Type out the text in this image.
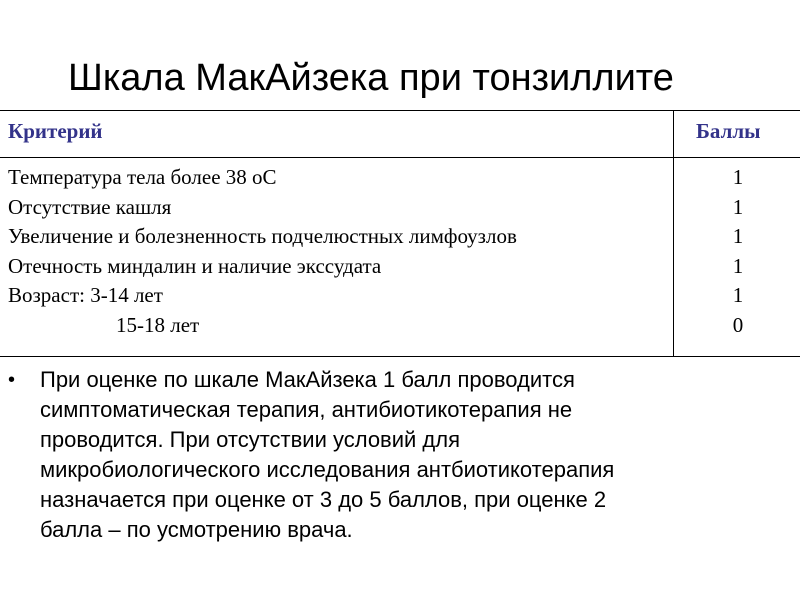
Шкала МакАйзека при тонзиллите
Критерий	Баллы
Температура тела более 38 оС
Отсутствие кашля
Увеличение и болезненность подчелюстных лимфоузлов
Отечность миндалин и наличие экссудата
Возраст: 3-14 лет
15-18 лет
1
1
1
1
1
0
•	При оценке по шкале МакАйзека 1 балл проводится
симптоматическая терапия, антибиотикотерапия не
проводится. При отсутствии условий для
микробиологического исследования антбиотикотерапия
назначается при оценке от 3 до 5 баллов, при оценке 2
балла – по усмотрению врача.
